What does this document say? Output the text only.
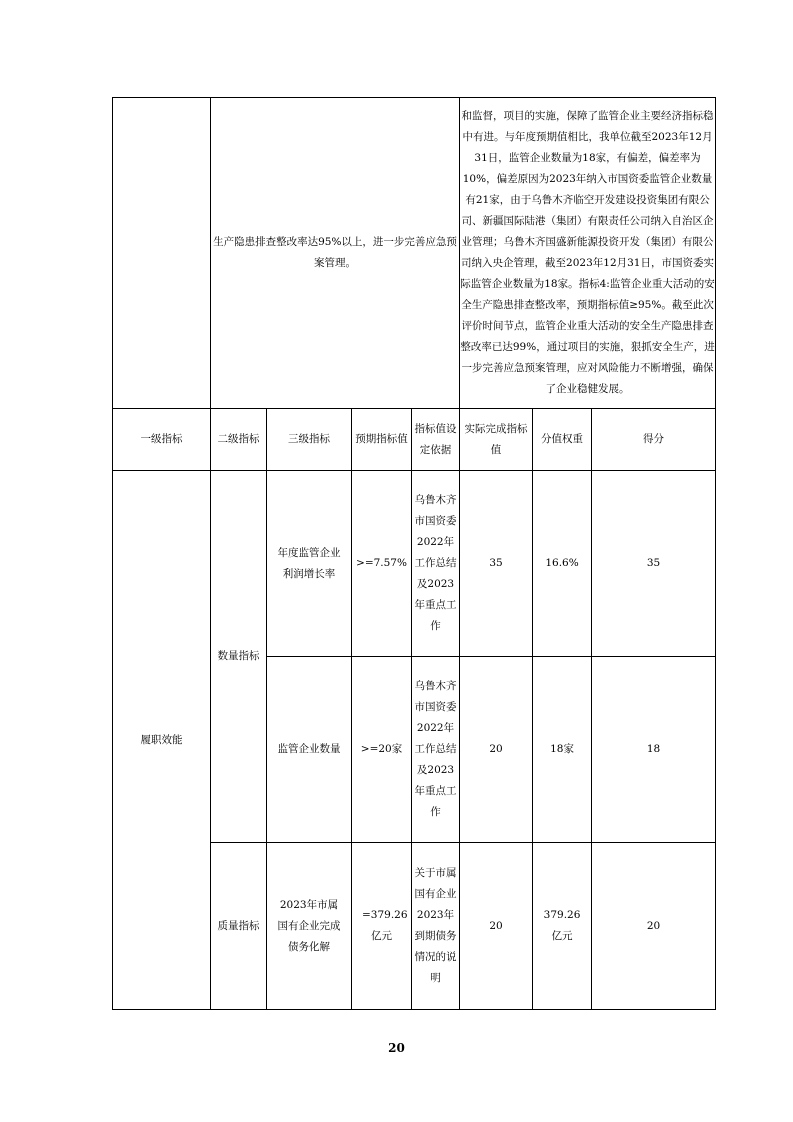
	生产隐患排查整改率达95%以上，进一步完善应急预案管理。				和监督，项目的实施，保障了监管企业主要经济指标稳中有进。与年度预期值相比，我单位截至2023年12月31日，监管企业数量为18家，有偏差，偏差率为10%，偏差原因为2023年纳入市国资委监管企业数量有21家，由于乌鲁木齐临空开发建设投资集团有限公司、新疆国际陆港（集团）有限责任公司纳入自治区企业管理；乌鲁木齐国盛新能源投资开发（集团）有限公司纳入央企管理，截至2023年12月31日，市国资委实际监管企业数量为18家。指标4:监管企业重大活动的安全生产隐患排查整改率，预期指标值≥95%。截至此次评价时间节点，监管企业重大活动的安全生产隐患排查整改率已达99%，通过项目的实施，狠抓安全生产，进一步完善应急预案管理，应对风险能力不断增强，确保了企业稳健发展。		
一级指标	二级指标	三级指标	预期指标值	指标值设定依据	实际完成指标值	分值权重	得分
履职效能	数量指标	年度监管企业利润增长率	>=7.57%	乌鲁木齐市国资委2022年工作总结及2023年重点工作	35	16.6%	35
		监管企业数量	>=20家	乌鲁木齐市国资委2022年工作总结及2023年重点工作	20	18家	18
	质量指标	2023年市属国有企业完成债务化解	=379.26亿元	关于市属国有企业2023年到期债务情况的说明	20	379.26亿元	20
20
